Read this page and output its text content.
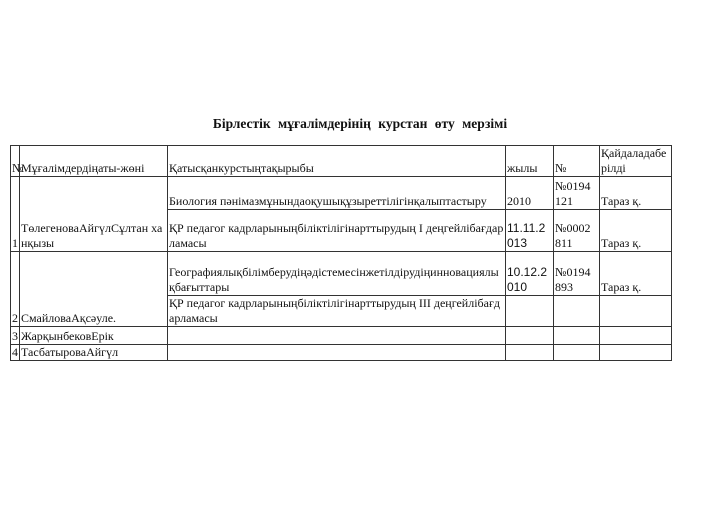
Бірлестік мұғалімдерінің курстан өту мерзімі
№	Мұғалімдердіңаты-жөні	Қатысқанкурстыңтақырыбы	жылы	№	Қайдаладабе рілді
1	ТөлегеноваАйгүлСұлтан ханқызы	Биология пәнімазмұнындаоқушықұзыреттілігінқалыптастыру	2010	№0194 121	Тараз қ.
		ҚР педагог кадрларыныңбіліктілігінарттырудың I деңгейлібағдарламасы	11.11.2 013	№0002 811	Тараз қ.
2	СмайловаАқсәуле.	Географиялықбілімберудіңәдістемесінжетілдірудіңинновациялықбағыттары	10.12.2 010	№0194 893	Тараз қ.
		ҚР педагог кадрларыныңбіліктілігінарттырудың III деңгейлібағдарламасы			
3	ЖарқынбековЕрік				
4	ТасбатыроваАйгүл				
